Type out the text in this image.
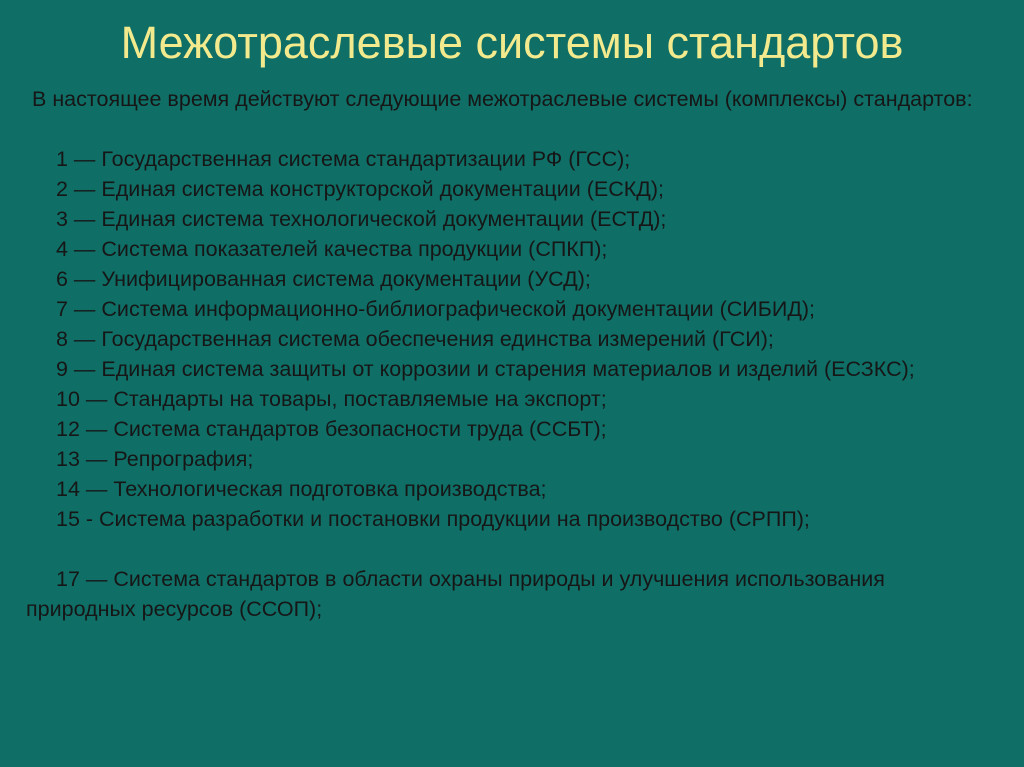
Межотраслевые системы стандартов

В настоящее время действуют следующие межотраслевые системы (комплексы) стандартов:

1 — Государственная система стандартизации РФ (ГСС);
2 — Единая система конструкторской документации (ЕСКД);
3 — Единая система технологической документации (ЕСТД);
4 — Система показателей качества продукции (СПКП);
6 — Унифицированная система документации (УСД);
7 — Система информационно-библиографической документации (СИБИД);
8 — Государственная система обеспечения единства измерений (ГСИ);
9 — Единая система защиты от коррозии и старения материалов и изделий (ЕСЗКС);
10 — Стандарты на товары, поставляемые на экспорт;
12 — Система стандартов безопасности труда (ССБТ);
13 — Репрография;
14 — Технологическая подготовка производства;
15 - Система разработки и постановки продукции на производство (СРПП);
17 — Система стандартов в области охраны природы и улучшения использования природных ресурсов (ССОП);
